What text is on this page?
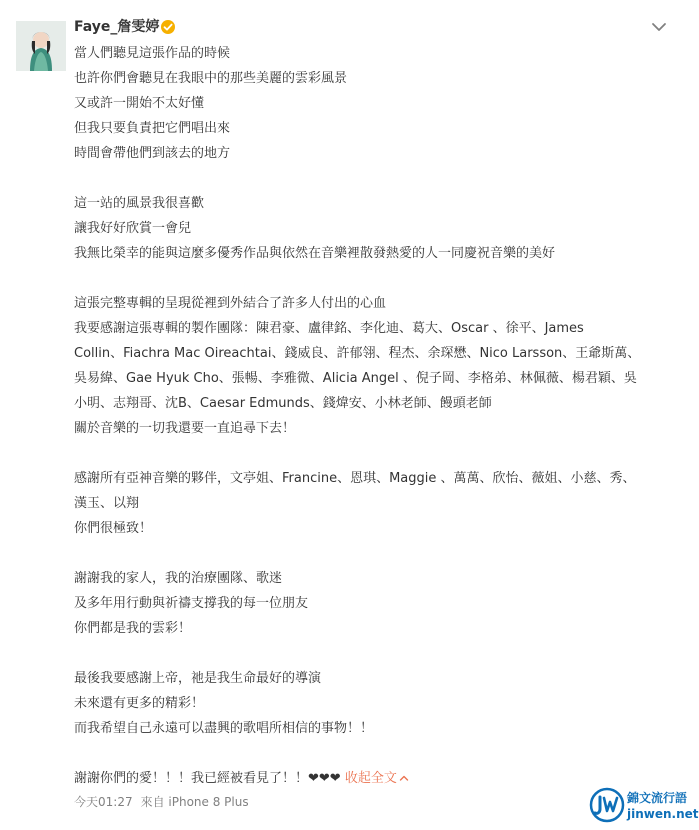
Faye_詹雯婷
當人們聽見這張作品的時候
也許你們會聽見在我眼中的那些美麗的雲彩風景
又或許一開始不太好懂
但我只要負責把它們唱出來
時間會帶他們到該去的地方
這一站的風景我很喜歡
讓我好好欣賞一會兒
我無比榮幸的能與這麼多優秀作品與依然在音樂裡散發熱愛的人一同慶祝音樂的美好
這張完整專輯的呈現從裡到外結合了許多人付出的心血
我要感謝這張專輯的製作團隊：陳君豪、盧律銘、李化迪、葛大、Oscar 、徐平、James
Collin、Fiachra Mac Oireachtai、錢威良、許郁翎、程杰、余琛懋、Nico Larsson、王爺斯萬、
吳易緯、Gae Hyuk Cho、張暢、李雅微、Alicia Angel 、倪子岡、李格弟、林佩薇、楊君穎、吳
小明、志翔哥、沈B、Caesar Edmunds、錢煒安、小林老師、饅頭老師
關於音樂的一切我還要一直追尋下去！
感謝所有亞神音樂的夥伴，文亭姐、Francine、恩琪、Maggie 、萬萬、欣怡、薇姐、小慈、秀、
漢玉、以翔
你們很極致！
謝謝我的家人，我的治療團隊、歌迷
及多年用行動與祈禱支撐我的每一位朋友
你們都是我的雲彩！
最後我要感謝上帝，祂是我生命最好的導演
未來還有更多的精彩！
而我希望自己永遠可以盡興的歌唱所相信的事物！！
謝謝你們的愛！！！我已經被看見了！！❤❤❤ 收起全文
今天01:27 來自 iPhone 8 Plus	錦文流行語
jinwen.net
